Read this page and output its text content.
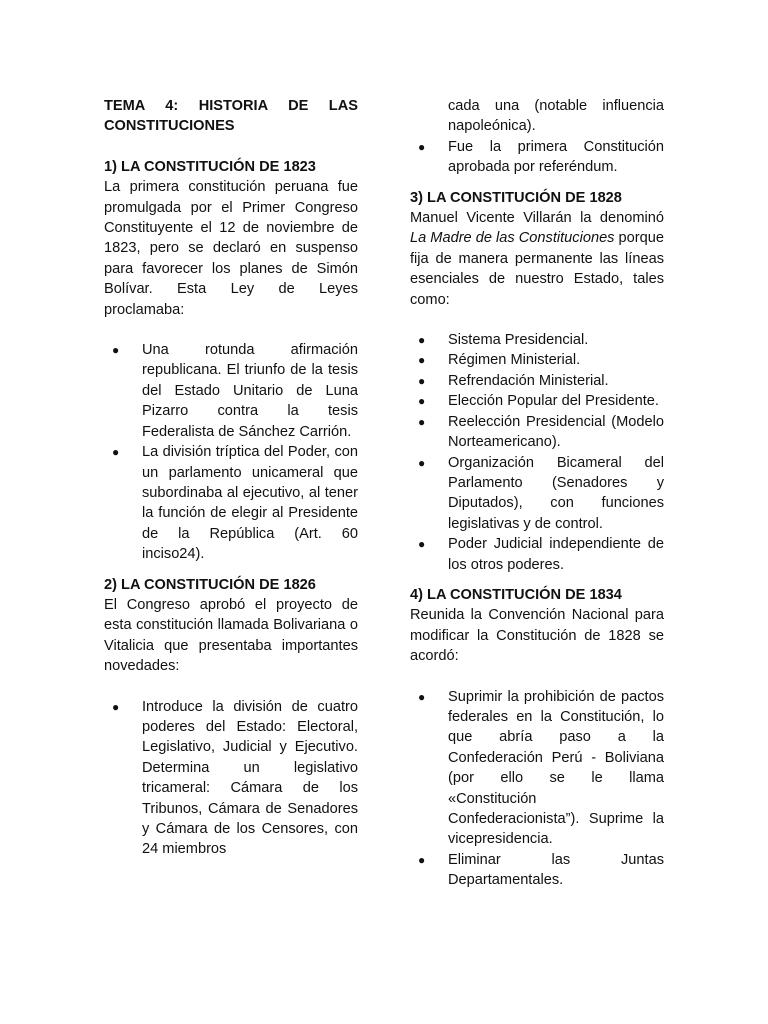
TEMA 4: HISTORIA DE LAS CONSTITUCIONES
1) LA CONSTITUCIÓN DE 1823

La primera constitución peruana fue promulgada por el Primer Congreso Constituyente el 12 de noviembre de 1823, pero se declaró en suspenso para favorecer los planes de Simón Bolívar. Esta Ley de Leyes proclamaba:

● Una rotunda afirmación republicana. El triunfo de la tesis del Estado Unitario de Luna Pizarro contra la tesis Federalista de Sánchez Carrión.
● La división tríptica del Poder, con un parlamento unicameral que subordinaba al ejecutivo, al tener la función de elegir al Presidente de la República (Art. 60 inciso24).
2) LA CONSTITUCIÓN DE 1826

El Congreso aprobó el proyecto de esta constitución llamada Bolivariana o Vitalicia que presentaba importantes novedades:

● Introduce la división de cuatro poderes del Estado: Electoral, Legislativo, Judicial y Ejecutivo. Determina un legislativo tricameral: Cámara de los Tribunos, Cámara de Senadores y Cámara de los Censores, con 24 miembros
cada una (notable influencia napoleónica).
● Fue la primera Constitución aprobada por referéndum.
3) LA CONSTITUCIÓN DE 1828

Manuel Vicente Villarán la denominó La Madre de las Constituciones porque fija de manera permanente las líneas esenciales de nuestro Estado, tales como:

● Sistema Presidencial.
● Régimen Ministerial.
● Refrendación Ministerial.
● Elección Popular del Presidente.
● Reelección Presidencial (Modelo Norteamericano).
● Organización Bicameral del Parlamento (Senadores y Diputados), con funciones legislativas y de control.
● Poder Judicial independiente de los otros poderes.
4) LA CONSTITUCIÓN DE 1834

Reunida la Convención Nacional para modificar la Constitución de 1828 se acordó:

● Suprimir la prohibición de pactos federales en la Constitución, lo que abría paso a la Confederación Perú - Boliviana (por ello se le llama «Constitución Confederacionista”). Suprime la vicepresidencia.
● Eliminar las Juntas Departamentales.
